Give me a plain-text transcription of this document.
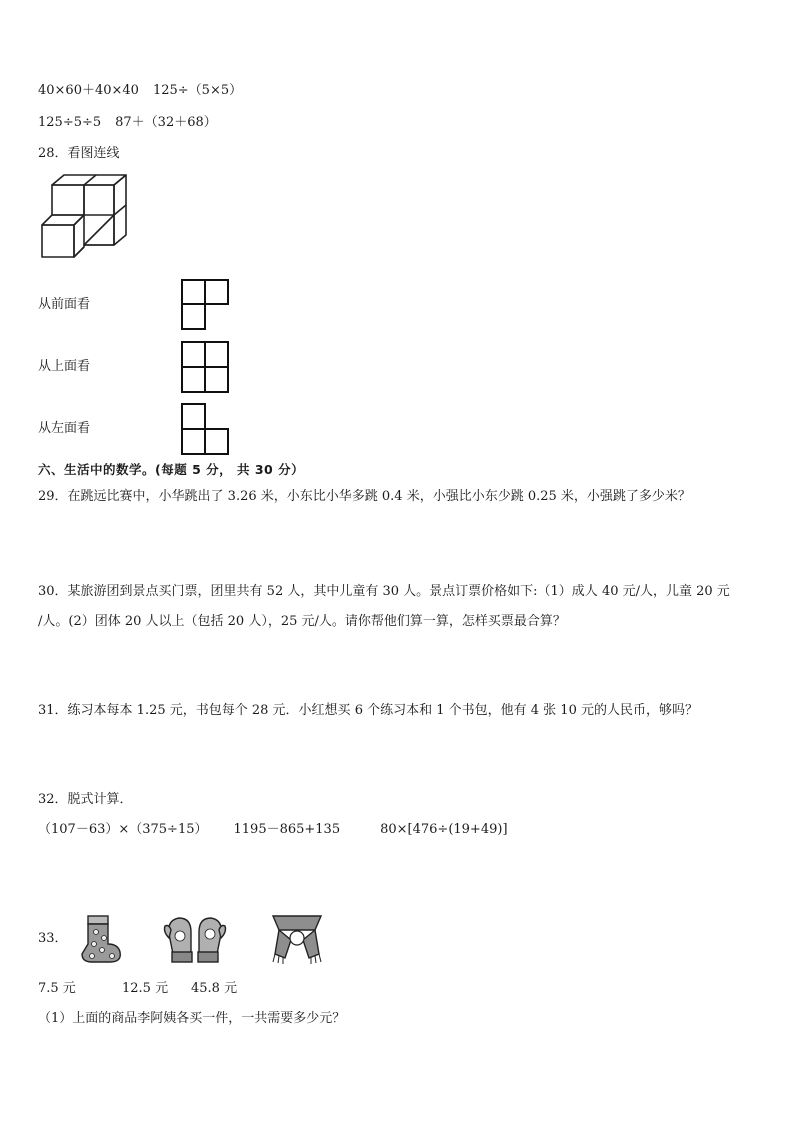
40×60＋40×40 125÷（5×5）
125÷5÷5 87＋（32＋68）
28．看图连线
从前面看
从上面看
从左面看
六、生活中的数学。(每题 5 分， 共 30 分）
29．在跳远比赛中，小华跳出了 3.26 米，小东比小华多跳 0.4 米，小强比小东少跳 0.25 米，小强跳了多少米？
30．某旅游团到景点买门票，团里共有 52 人，其中儿童有 30 人。景点订票价格如下:（1）成人 40 元/人，儿童 20 元
/人。(2）团体 20 人以上（包括 20 人），25 元/人。请你帮他们算一算，怎样买票最合算？
31．练习本每本 1.25 元，书包每个 28 元．小红想买 6 个练习本和 1 个书包，他有 4 张 10 元的人民币，够吗？
32．脱式计算．
（107－63）×（375÷15） 1195－865+135	80×[476÷(19+49)]
33．
7.5 元	12.5 元 45.8 元
（1）上面的商品李阿姨各买一件，一共需要多少元？
